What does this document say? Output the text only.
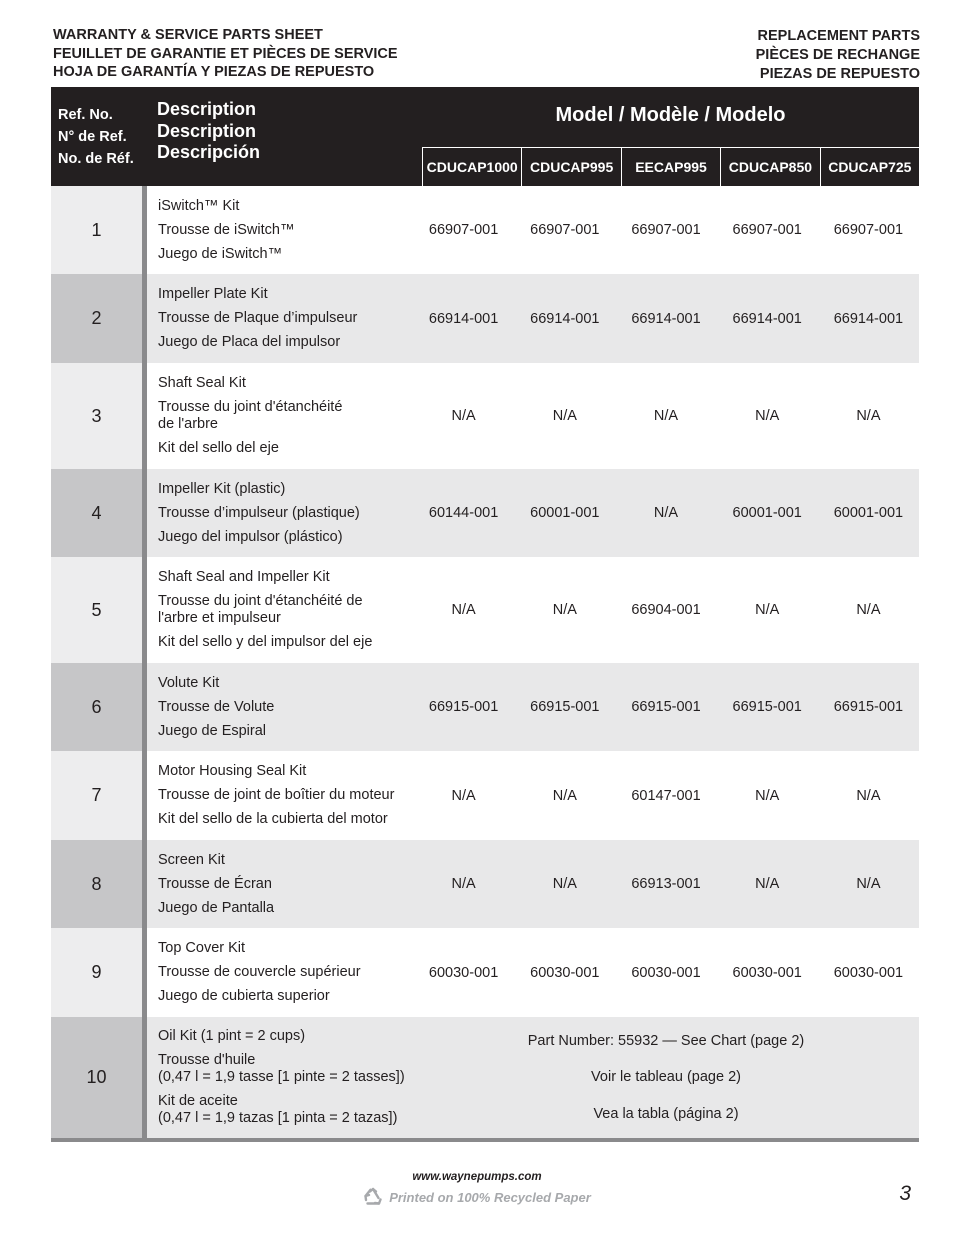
WARRANTY & SERVICE PARTS SHEET
FEUILLET DE GARANTIE ET PIÈCES DE SERVICE
HOJA DE GARANTÍA Y PIEZAS DE REPUESTO
REPLACEMENT PARTS
PIÈCES DE RECHANGE
PIEZAS DE REPUESTO
Ref. No.
N° de Ref.
No. de Réf.
Description
Description
Descripción
Model / Modèle / Modelo
CDUCAP1000 CDUCAP995	EECAP995	CDUCAP850	CDUCAP725
1
iSwitch™ Kit
Trousse de iSwitch™
Juego de iSwitch™
66907-001	66907-001	66907-001	66907-001	66907-001
2
Impeller Plate Kit
Trousse de Plaque d’impulseur
Juego de Placa del impulsor
66914-001	66914-001	66914-001	66914-001	66914-001
3
Shaft Seal Kit
Trousse du joint d'étanchéité
de l'arbre
Kit del sello del eje
N/A	N/A	N/A	N/A	N/A
4
Impeller Kit (plastic)
Trousse d’impulseur (plastique)
Juego del impulsor (plástico)
60144-001	60001-001	N/A	60001-001	60001-001
5
Shaft Seal and Impeller Kit
Trousse du joint d'étanchéité de
l'arbre et impulseur
Kit del sello y del impulsor del eje
N/A	N/A	66904-001	N/A	N/A
6
Volute Kit
Trousse de Volute
Juego de Espiral
66915-001	66915-001	66915-001	66915-001	66915-001
7
Motor Housing Seal Kit
Trousse de joint de boîtier du moteur
Kit del sello de la cubierta del motor
N/A	N/A	60147-001	N/A	N/A
8
Screen Kit
Trousse de Écran
Juego de Pantalla
N/A	N/A	66913-001	N/A	N/A
9
Top Cover Kit
Trousse de couvercle supérieur
Juego de cubierta superior
60030-001	60030-001	60030-001	60030-001	60030-001
10
Oil Kit (1 pint = 2 cups)
Trousse d'huile
(0,47 l = 1,9 tasse [1 pinte = 2 tasses])
Kit de aceite
(0,47 l = 1,9 tazas [1 pinta = 2 tazas])
Part Number: 55932 — See Chart (page 2)
Voir le tableau (page 2)
Vea la tabla (página 2)
www.waynepumps.com
Printed on 100% Recycled Paper	3
